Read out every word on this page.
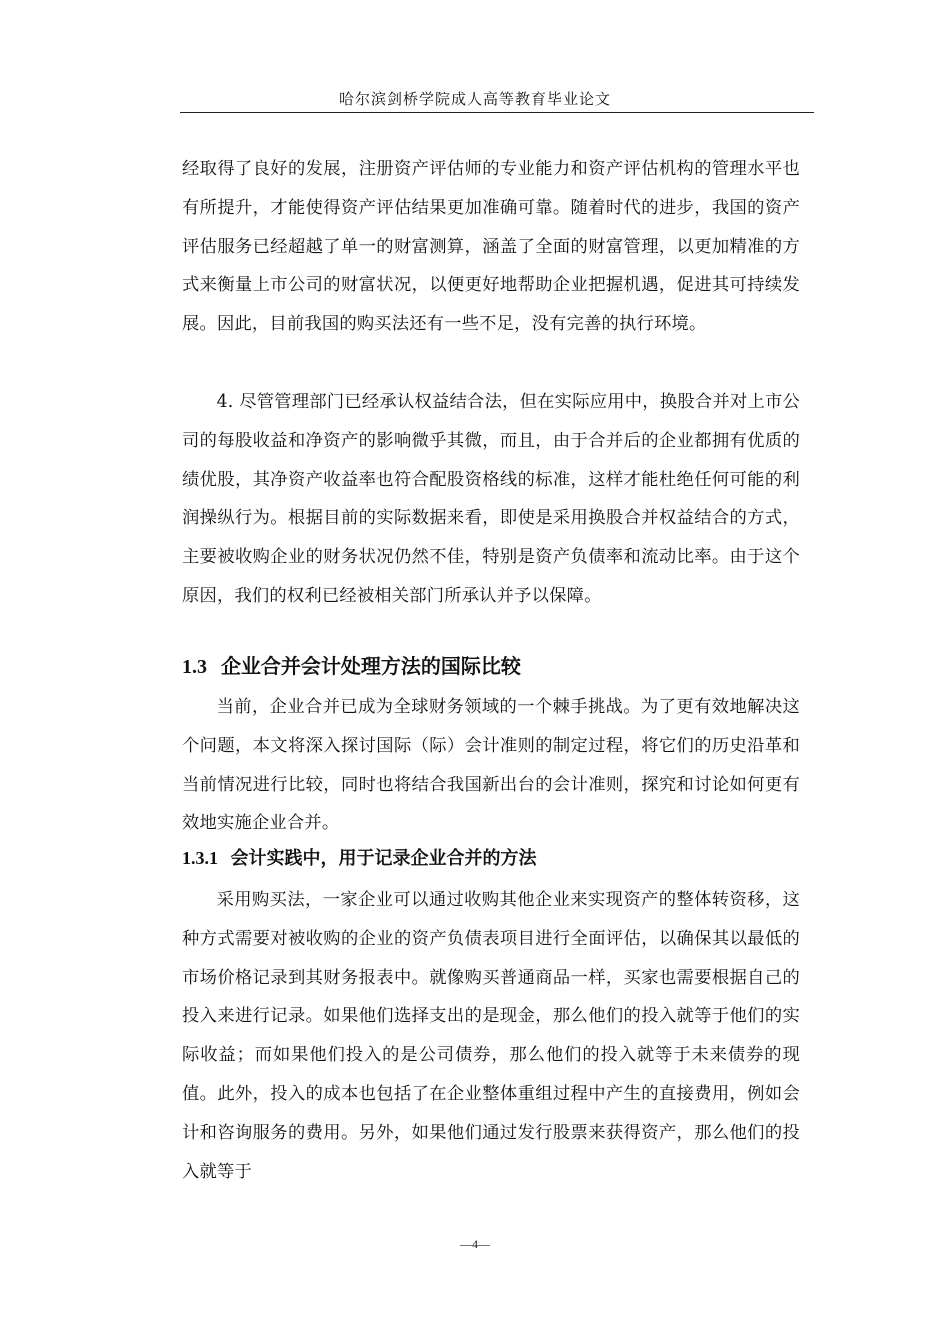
哈尔滨剑桥学院成人高等教育毕业论文

经取得了良好的发展，注册资产评估师的专业能力和资产评估机构的管理水平也有所提升，才能使得资产评估结果更加准确可靠。随着时代的进步，我国的资产评估服务已经超越了单一的财富测算，涵盖了全面的财富管理，以更加精准的方式来衡量上市公司的财富状况，以便更好地帮助企业把握机遇，促进其可持续发展。因此，目前我国的购买法还有一些不足，没有完善的执行环境。

4. 尽管管理部门已经承认权益结合法，但在实际应用中，换股合并对上市公司的每股收益和净资产的影响微乎其微，而且，由于合并后的企业都拥有优质的绩优股，其净资产收益率也符合配股资格线的标准，这样才能杜绝任何可能的利润操纵行为。根据目前的实际数据来看，即使是采用换股合并权益结合的方式，主要被收购企业的财务状况仍然不佳，特别是资产负债率和流动比率。由于这个原因，我们的权利已经被相关部门所承认并予以保障。

1.3 企业合并会计处理方法的国际比较

当前，企业合并已成为全球财务领域的一个棘手挑战。为了更有效地解决这个问题，本文将深入探讨国际（际）会计准则的制定过程，将它们的历史沿革和当前情况进行比较，同时也将结合我国新出台的会计准则，探究和讨论如何更有效地实施企业合并。

1.3.1 会计实践中，用于记录企业合并的方法

采用购买法，一家企业可以通过收购其他企业来实现资产的整体转资移，这种方式需要对被收购的企业的资产负债表项目进行全面评估，以确保其以最低的市场价格记录到其财务报表中。就像购买普通商品一样，买家也需要根据自己的投入来进行记录。如果他们选择支出的是现金，那么他们的投入就等于他们的实际收益；而如果他们投入的是公司债券，那么他们的投入就等于未来债券的现值。此外，投入的成本也包括了在企业整体重组过程中产生的直接费用，例如会计和咨询服务的费用。另外，如果他们通过发行股票来获得资产，那么他们的投入就等于

—4—
